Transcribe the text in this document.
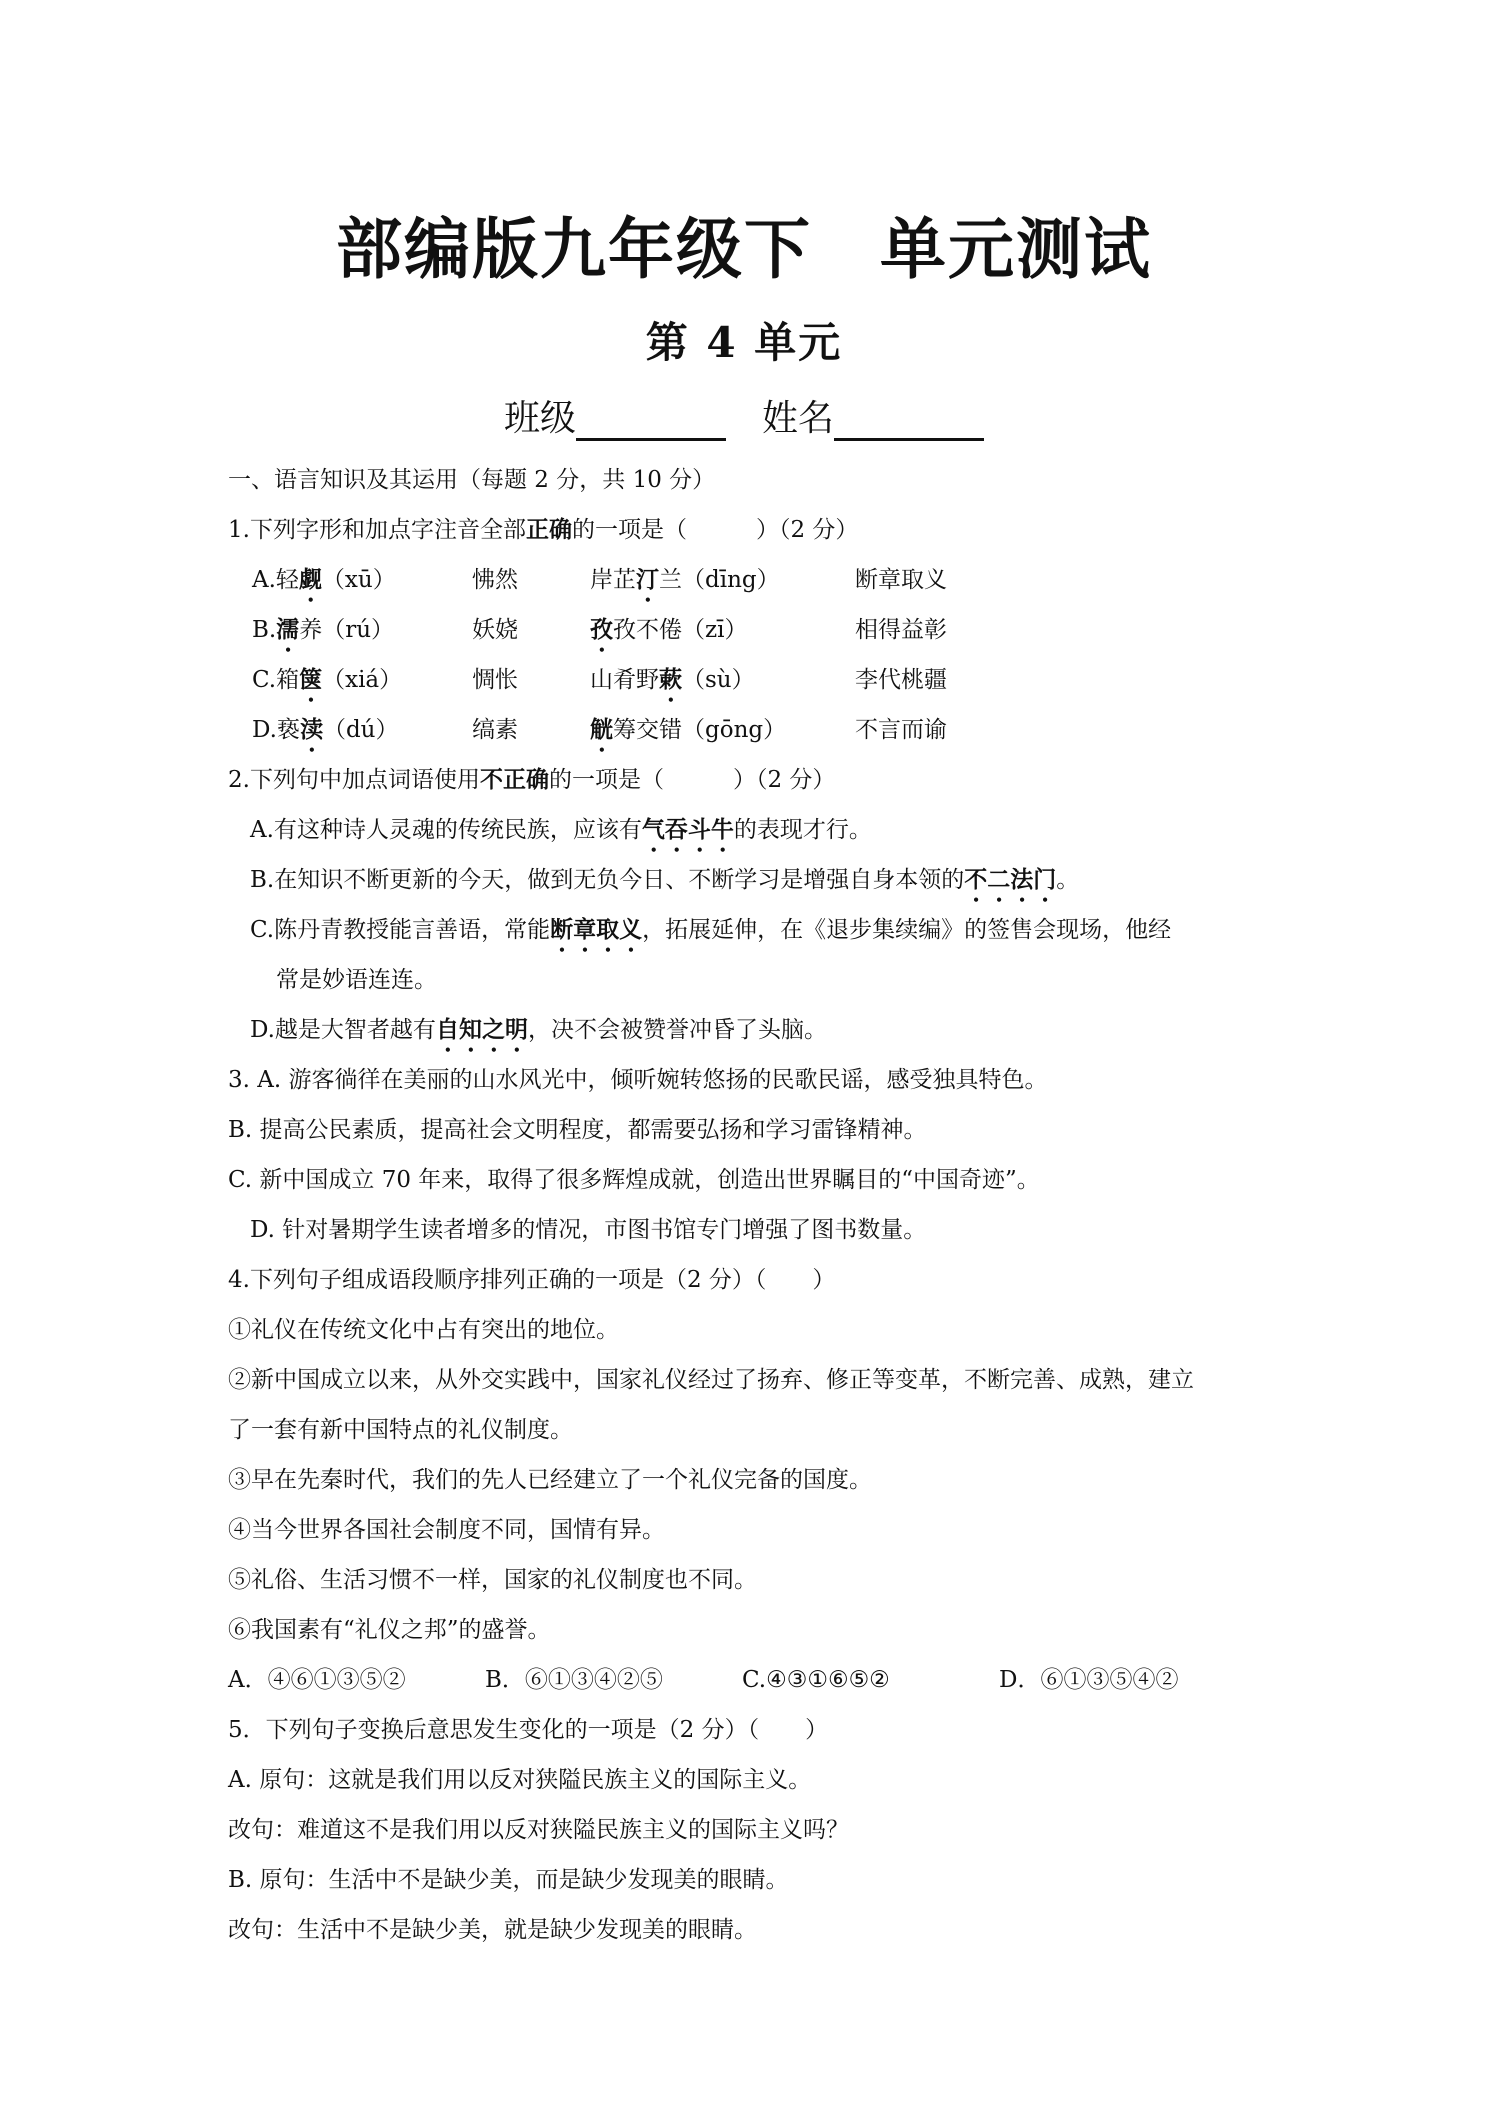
部编版九年级下　单元测试
第 4 单元
班级	姓名
一、语言知识及其运用（每题 2 分，共 10 分）
1.下列字形和加点字注音全部正确的一项是（　　　）（2 分）
A.轻觑（xū）	怫然	岸芷汀兰（dīng）	断章取义
B.濡养（rú）	妖娆	孜孜不倦（zī）	相得益彰
C.箱箧（xiá）	惆怅	山肴野蔌（sù）	李代桃疆
D.亵渎（dú）	缟素	觥筹交错（gōng）	不言而谕
2.下列句中加点词语使用不正确的一项是（　　　）（2 分）
A.有这种诗人灵魂的传统民族，应该有气吞斗牛的表现才行。
B.在知识不断更新的今天，做到无负今日、不断学习是增强自身本领的不二法门。
C.陈丹青教授能言善语，常能断章取义，拓展延伸，在《退步集续编》的签售会现场，他经
常是妙语连连。
D.越是大智者越有自知之明，决不会被赞誉冲昏了头脑。
3. A. 游客徜徉在美丽的山水风光中，倾听婉转悠扬的民歌民谣，感受独具特色。
B. 提高公民素质，提高社会文明程度，都需要弘扬和学习雷锋精神。
C. 新中国成立 70 年来，取得了很多辉煌成就，创造出世界瞩目的“中国奇迹”。
D. 针对暑期学生读者增多的情况，市图书馆专门增强了图书数量。
4.下列句子组成语段顺序排列正确的一项是（2 分）（　　）
①礼仪在传统文化中占有突出的地位。
②新中国成立以来，从外交实践中，国家礼仪经过了扬弃、修正等变革，不断完善、成熟，建立
了一套有新中国特点的礼仪制度。
③早在先秦时代，我们的先人已经建立了一个礼仪完备的国度。
④当今世界各国社会制度不同，国情有异。
⑤礼俗、生活习惯不一样，国家的礼仪制度也不同。
⑥我国素有“礼仪之邦”的盛誉。
A．④⑥①③⑤②	B．⑥①③④②⑤	C.④③①⑥⑤②	D．⑥①③⑤④②
5．下列句子变换后意思发生变化的一项是（2 分）（　　）
A. 原句：这就是我们用以反对狭隘民族主义的国际主义。
改句：难道这不是我们用以反对狭隘民族主义的国际主义吗？
B. 原句：生活中不是缺少美，而是缺少发现美的眼睛。
改句：生活中不是缺少美，就是缺少发现美的眼睛。
